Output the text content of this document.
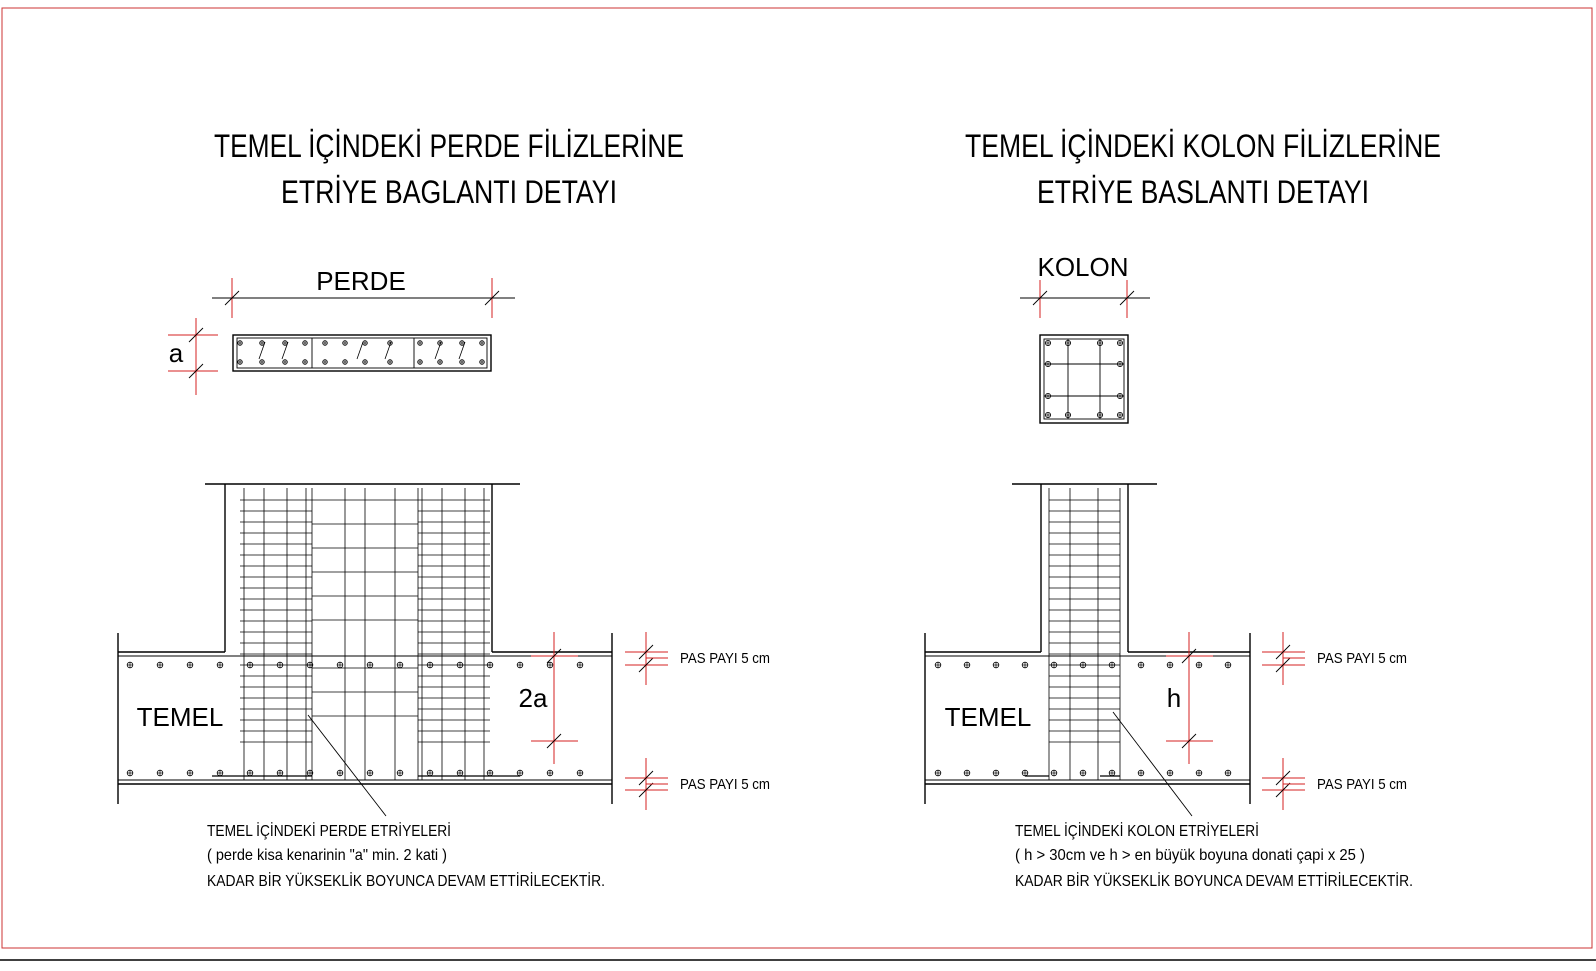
TEMEL İÇİNDEKİ PERDE FİLİZLERİNE
ETRİYE BAGLANTI DETAYI
PERDE
a
TEMEL
2a
PAS PAYI 5 cm
PAS PAYI 5 cm
TEMEL İÇİNDEKİ PERDE ETRİYELERİ
( perde kisa kenarinin "a" min. 2 kati )
KADAR BİR YÜKSEKLİK BOYUNCA DEVAM ETTİRİLECEKTİR.
TEMEL İÇİNDEKİ KOLON FİLİZLERİNE
ETRİYE BASLANTI DETAYI
KOLON
TEMEL
h
PAS PAYI 5 cm
PAS PAYI 5 cm
TEMEL İÇİNDEKİ KOLON ETRİYELERİ
( h > 30cm ve h > en büyük boyuna donati çapi x 25 )
KADAR BİR YÜKSEKLİK BOYUNCA DEVAM ETTİRİLECEKTİR.
